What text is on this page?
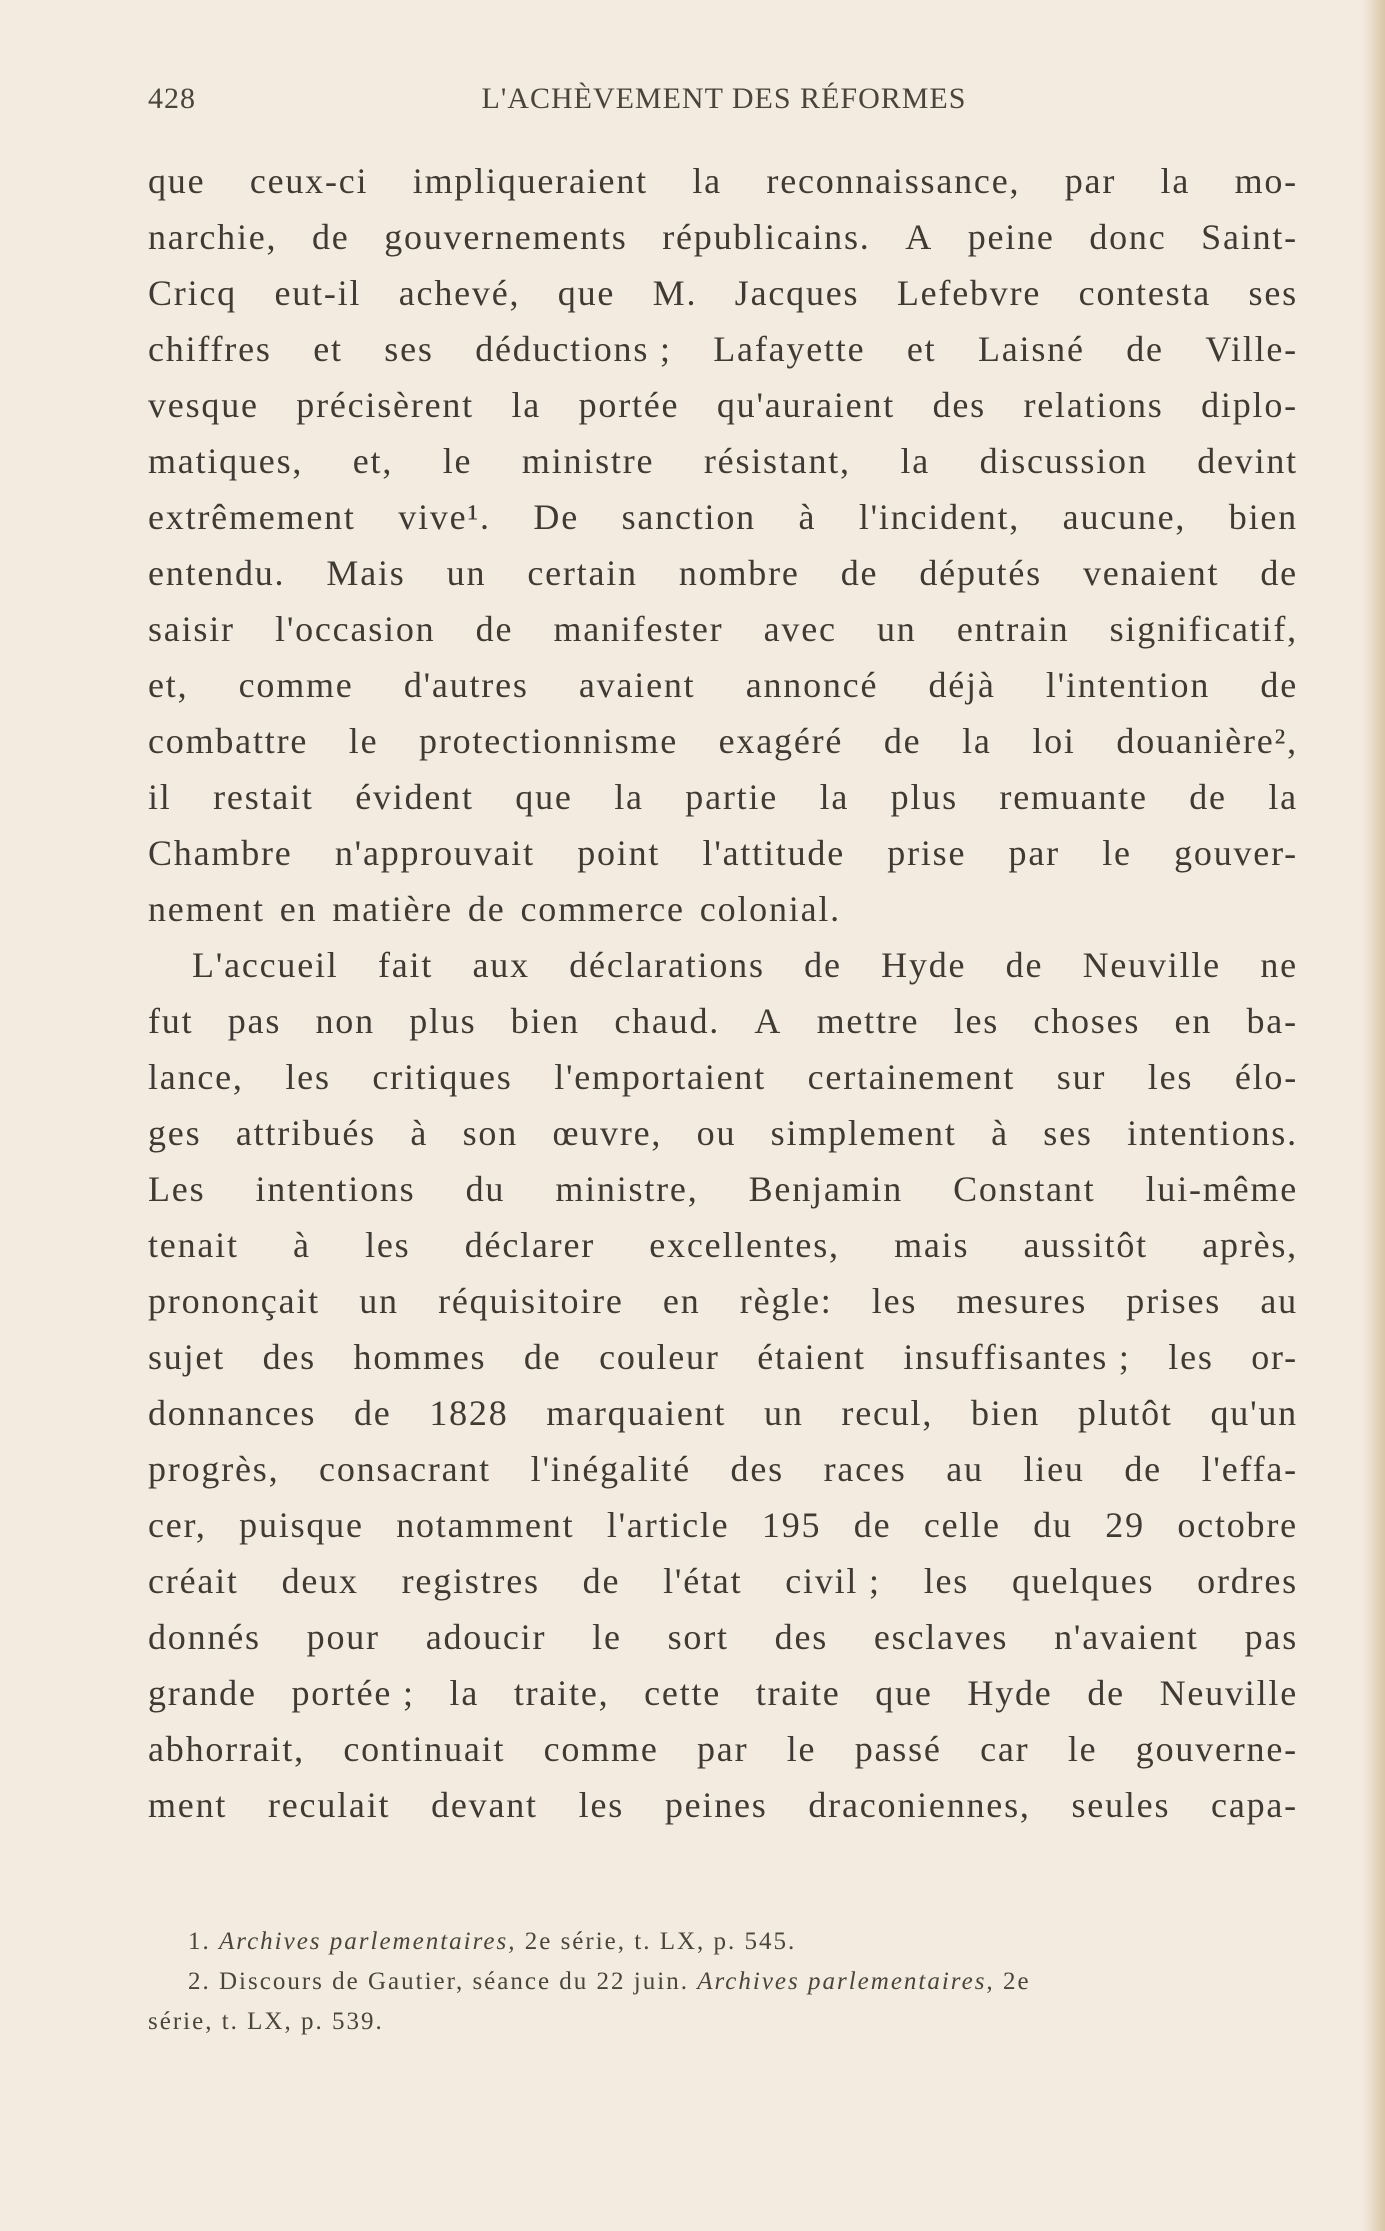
428	L'ACHÈVEMENT DES RÉFORMES
que ceux-ci impliqueraient la reconnaissance, par la mo-
narchie, de gouvernements républicains. A peine donc Saint-
Cricq eut-il achevé, que M. Jacques Lefebvre contesta ses
chiffres et ses déductions ; Lafayette et Laisné de Ville-
vesque précisèrent la portée qu'auraient des relations diplo-
matiques, et, le ministre résistant, la discussion devint
extrêmement vive¹. De sanction à l'incident, aucune, bien
entendu. Mais un certain nombre de députés venaient de
saisir l'occasion de manifester avec un entrain significatif,
et, comme d'autres avaient annoncé déjà l'intention de
combattre le protectionnisme exagéré de la loi douanière²,
il restait évident que la partie la plus remuante de la
Chambre n'approuvait point l'attitude prise par le gouver-
nement en matière de commerce colonial.
L'accueil fait aux déclarations de Hyde de Neuville ne
fut pas non plus bien chaud. A mettre les choses en ba-
lance, les critiques l'emportaient certainement sur les élo-
ges attribués à son œuvre, ou simplement à ses intentions.
Les intentions du ministre, Benjamin Constant lui-même
tenait à les déclarer excellentes, mais aussitôt après,
prononçait un réquisitoire en règle: les mesures prises au
sujet des hommes de couleur étaient insuffisantes ; les or-
donnances de 1828 marquaient un recul, bien plutôt qu'un
progrès, consacrant l'inégalité des races au lieu de l'effa-
cer, puisque notamment l'article 195 de celle du 29 octobre
créait deux registres de l'état civil ; les quelques ordres
donnés pour adoucir le sort des esclaves n'avaient pas
grande portée ; la traite, cette traite que Hyde de Neuville
abhorrait, continuait comme par le passé car le gouverne-
ment reculait devant les peines draconiennes, seules capa-
1. Archives parlementaires, 2e série, t. LX, p. 545.
2. Discours de Gautier, séance du 22 juin. Archives parlementaires, 2e
série, t. LX, p. 539.
